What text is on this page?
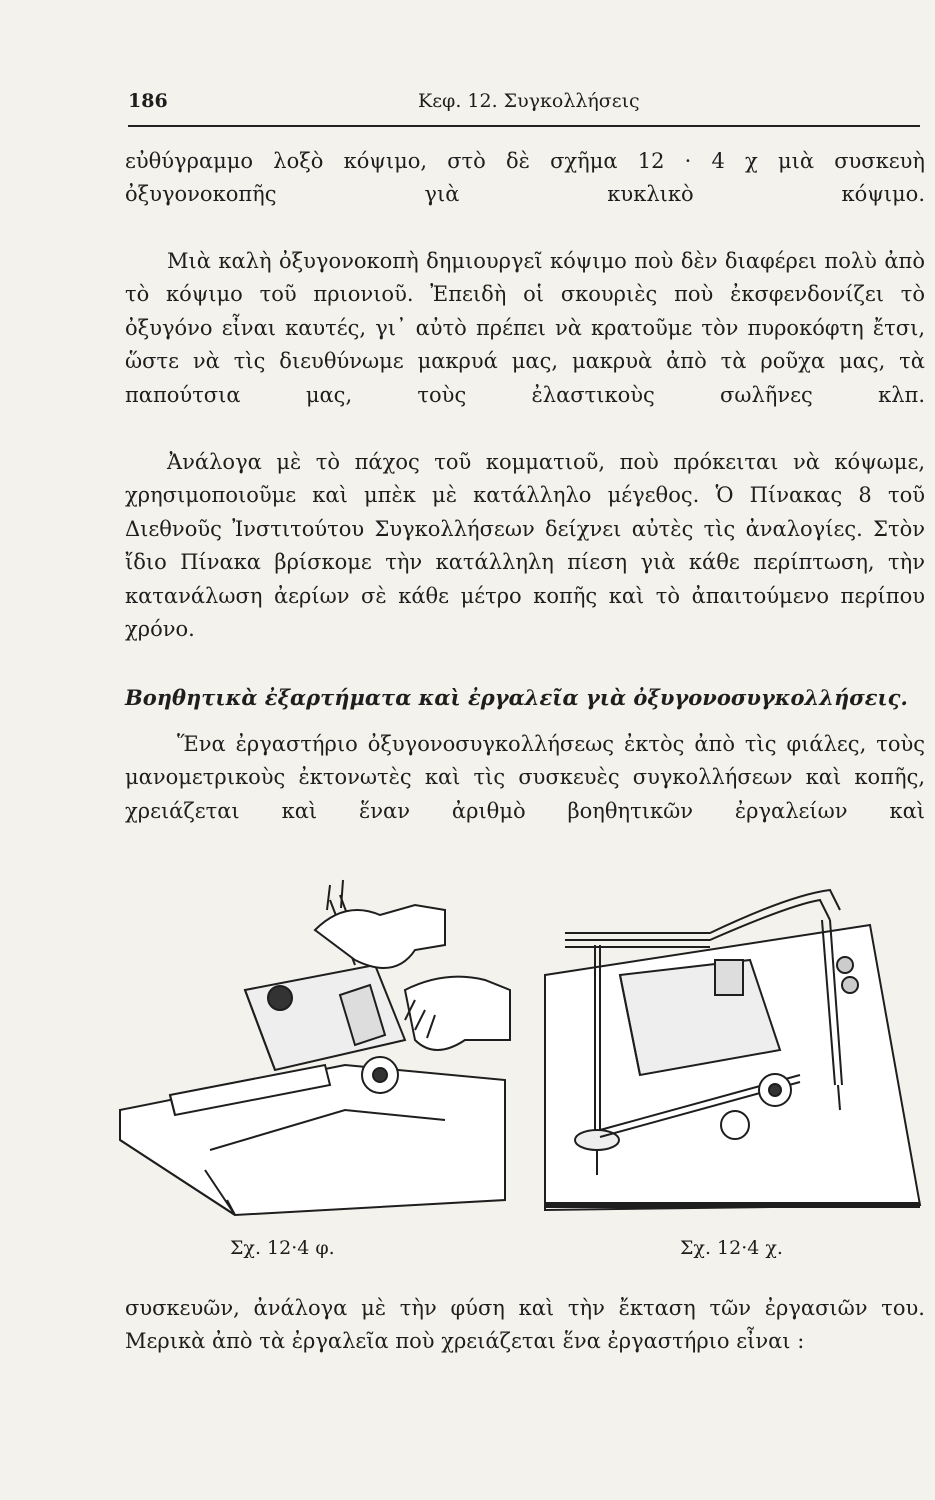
186	Κεφ. 12. Συγκολλήσεις

εὐθύγραμμο λοξὸ κόψιμο, στὸ δὲ σχῆμα 12 · 4 χ μιὰ συσκευὴ ὀξυγονοκοπῆς γιὰ κυκλικὸ κόψιμο.

Μιὰ καλὴ ὀξυγονοκοπὴ δημιουργεῖ κόψιμο ποὺ δὲν διαφέρει πολὺ ἀπὸ τὸ κόψιμο τοῦ πριονιοῦ. Ἐπειδὴ οἱ σκουριὲς ποὺ ἐκσφενδονίζει τὸ ὀξυγόνο εἶναι καυτές, γι᾽ αὐτὸ πρέπει νὰ κρατοῦμε τὸν πυροκόφτη ἔτσι, ὥστε νὰ τὶς διευθύνωμε μακρυά μας, μακρυὰ ἀπὸ τὰ ροῦχα μας, τὰ παπούτσια μας, τοὺς ἐλαστικοὺς σωλῆνες κλπ.

Ἀνάλογα μὲ τὸ πάχος τοῦ κομματιοῦ, ποὺ πρόκειται νὰ κόψωμε, χρησιμοποιοῦμε καὶ μπὲκ μὲ κατάλληλο μέγεθος. Ὁ Πίνακας 8 τοῦ Διεθνοῦς Ἰνστιτούτου Συγκολλήσεων δείχνει αὐτὲς τὶς ἀναλογίες. Στὸν ἴδιο Πίνακα βρίσκομε τὴν κατάλληλη πίεση γιὰ κάθε περίπτωση, τὴν κατανάλωση ἀερίων σὲ κάθε μέτρο κοπῆς καὶ τὸ ἀπαιτούμενο περίπου χρόνο.

Βοηθητικὰ ἐξαρτήματα καὶ ἐργαλεῖα γιὰ ὀξυγονοσυγκολλήσεις.

Ἕνα ἐργαστήριο ὀξυγονοσυγκολλήσεως ἐκτὸς ἀπὸ τὶς φιάλες, τοὺς μανομετρικοὺς ἐκτονωτὲς καὶ τὶς συσκευὲς συγκολλήσεων καὶ κοπῆς, χρειάζεται καὶ ἕναν ἀριθμὸ βοηθητικῶν ἐργαλείων καὶ

Σχ. 12·4 φ.	Σχ. 12·4 χ.

συσκευῶν, ἀνάλογα μὲ τὴν φύση καὶ τὴν ἔκταση τῶν ἐργασιῶν του. Μερικὰ ἀπὸ τὰ ἐργαλεῖα ποὺ χρειάζεται ἕνα ἐργαστήριο εἶναι :
